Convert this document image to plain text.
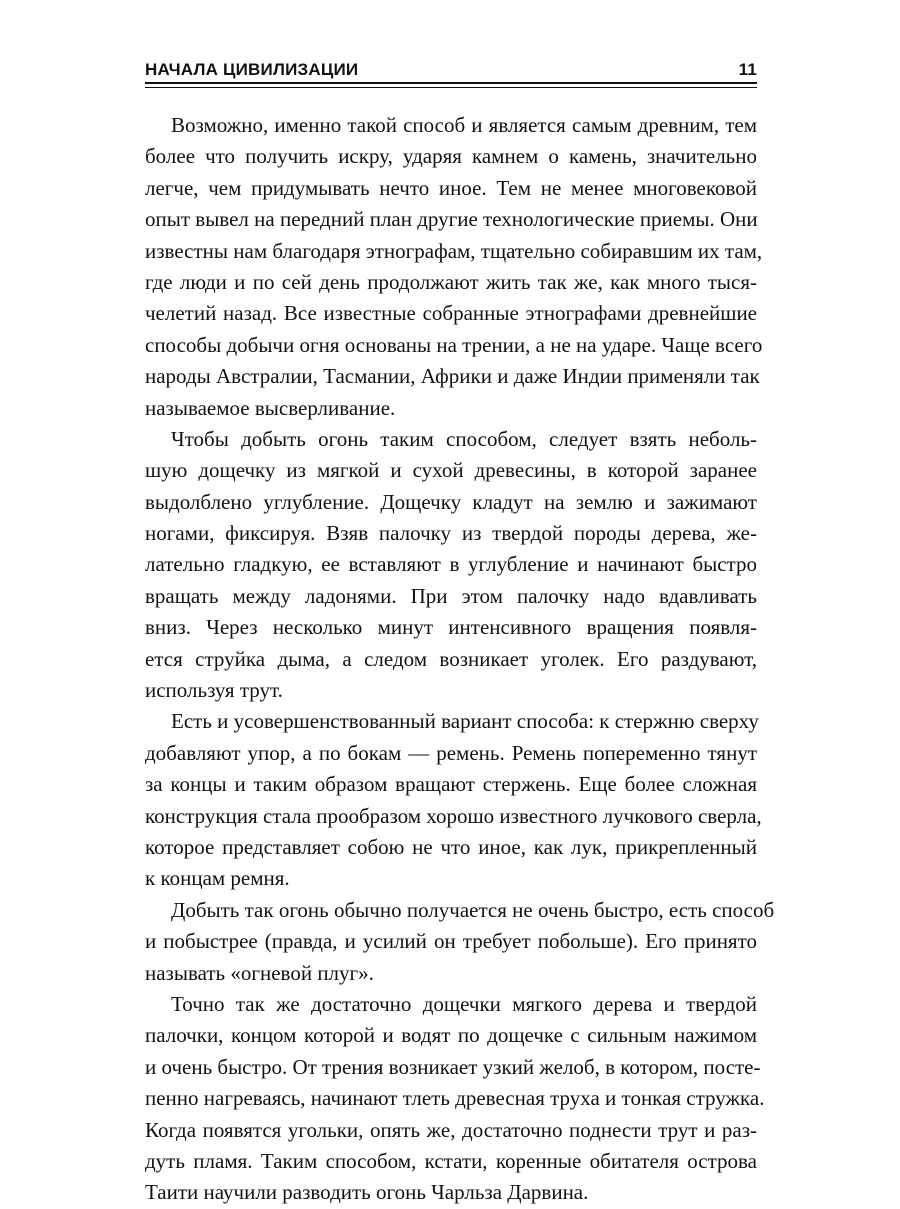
НАЧАЛА ЦИВИЛИЗАЦИИ	11
Возможно, именно такой способ и является самым древним, тем
более что получить искру, ударяя камнем о камень, значительно
легче, чем придумывать нечто иное. Тем не менее многовековой
опыт вывел на передний план другие технологические приемы. Они
известны нам благодаря этнографам, тщательно собиравшим их там,
где люди и по сей день продолжают жить так же, как много тыся-
челетий назад. Все известные собранные этнографами древнейшие
способы добычи огня основаны на трении, а не на ударе. Чаще всего
народы Австралии, Тасмании, Африки и даже Индии применяли так
называемое высверливание.
Чтобы добыть огонь таким способом, следует взять неболь-
шую дощечку из мягкой и сухой древесины, в которой заранее
выдолблено углубление. Дощечку кладут на землю и зажимают
ногами, фиксируя. Взяв палочку из твердой породы дерева, же-
лательно гладкую, ее вставляют в углубление и начинают быстро
вращать между ладонями. При этом палочку надо вдавливать
вниз. Через несколько минут интенсивного вращения появля-
ется струйка дыма, а следом возникает уголек. Его раздувают,
используя трут.
Есть и усовершенствованный вариант способа: к стержню сверху
добавляют упор, а по бокам — ремень. Ремень попеременно тянут
за концы и таким образом вращают стержень. Еще более сложная
конструкция стала прообразом хорошо известного лучкового сверла,
которое представляет собою не что иное, как лук, прикрепленный
к концам ремня.
Добыть так огонь обычно получается не очень быстро, есть способ
и побыстрее (правда, и усилий он требует побольше). Его принято
называть «огневой плуг».
Точно так же достаточно дощечки мягкого дерева и твердой
палочки, концом которой и водят по дощечке с сильным нажимом
и очень быстро. От трения возникает узкий желоб, в котором, посте-
пенно нагреваясь, начинают тлеть древесная труха и тонкая стружка.
Когда появятся угольки, опять же, достаточно поднести трут и раз-
дуть пламя. Таким способом, кстати, коренные обитателя острова
Таити научили разводить огонь Чарльза Дарвина.
